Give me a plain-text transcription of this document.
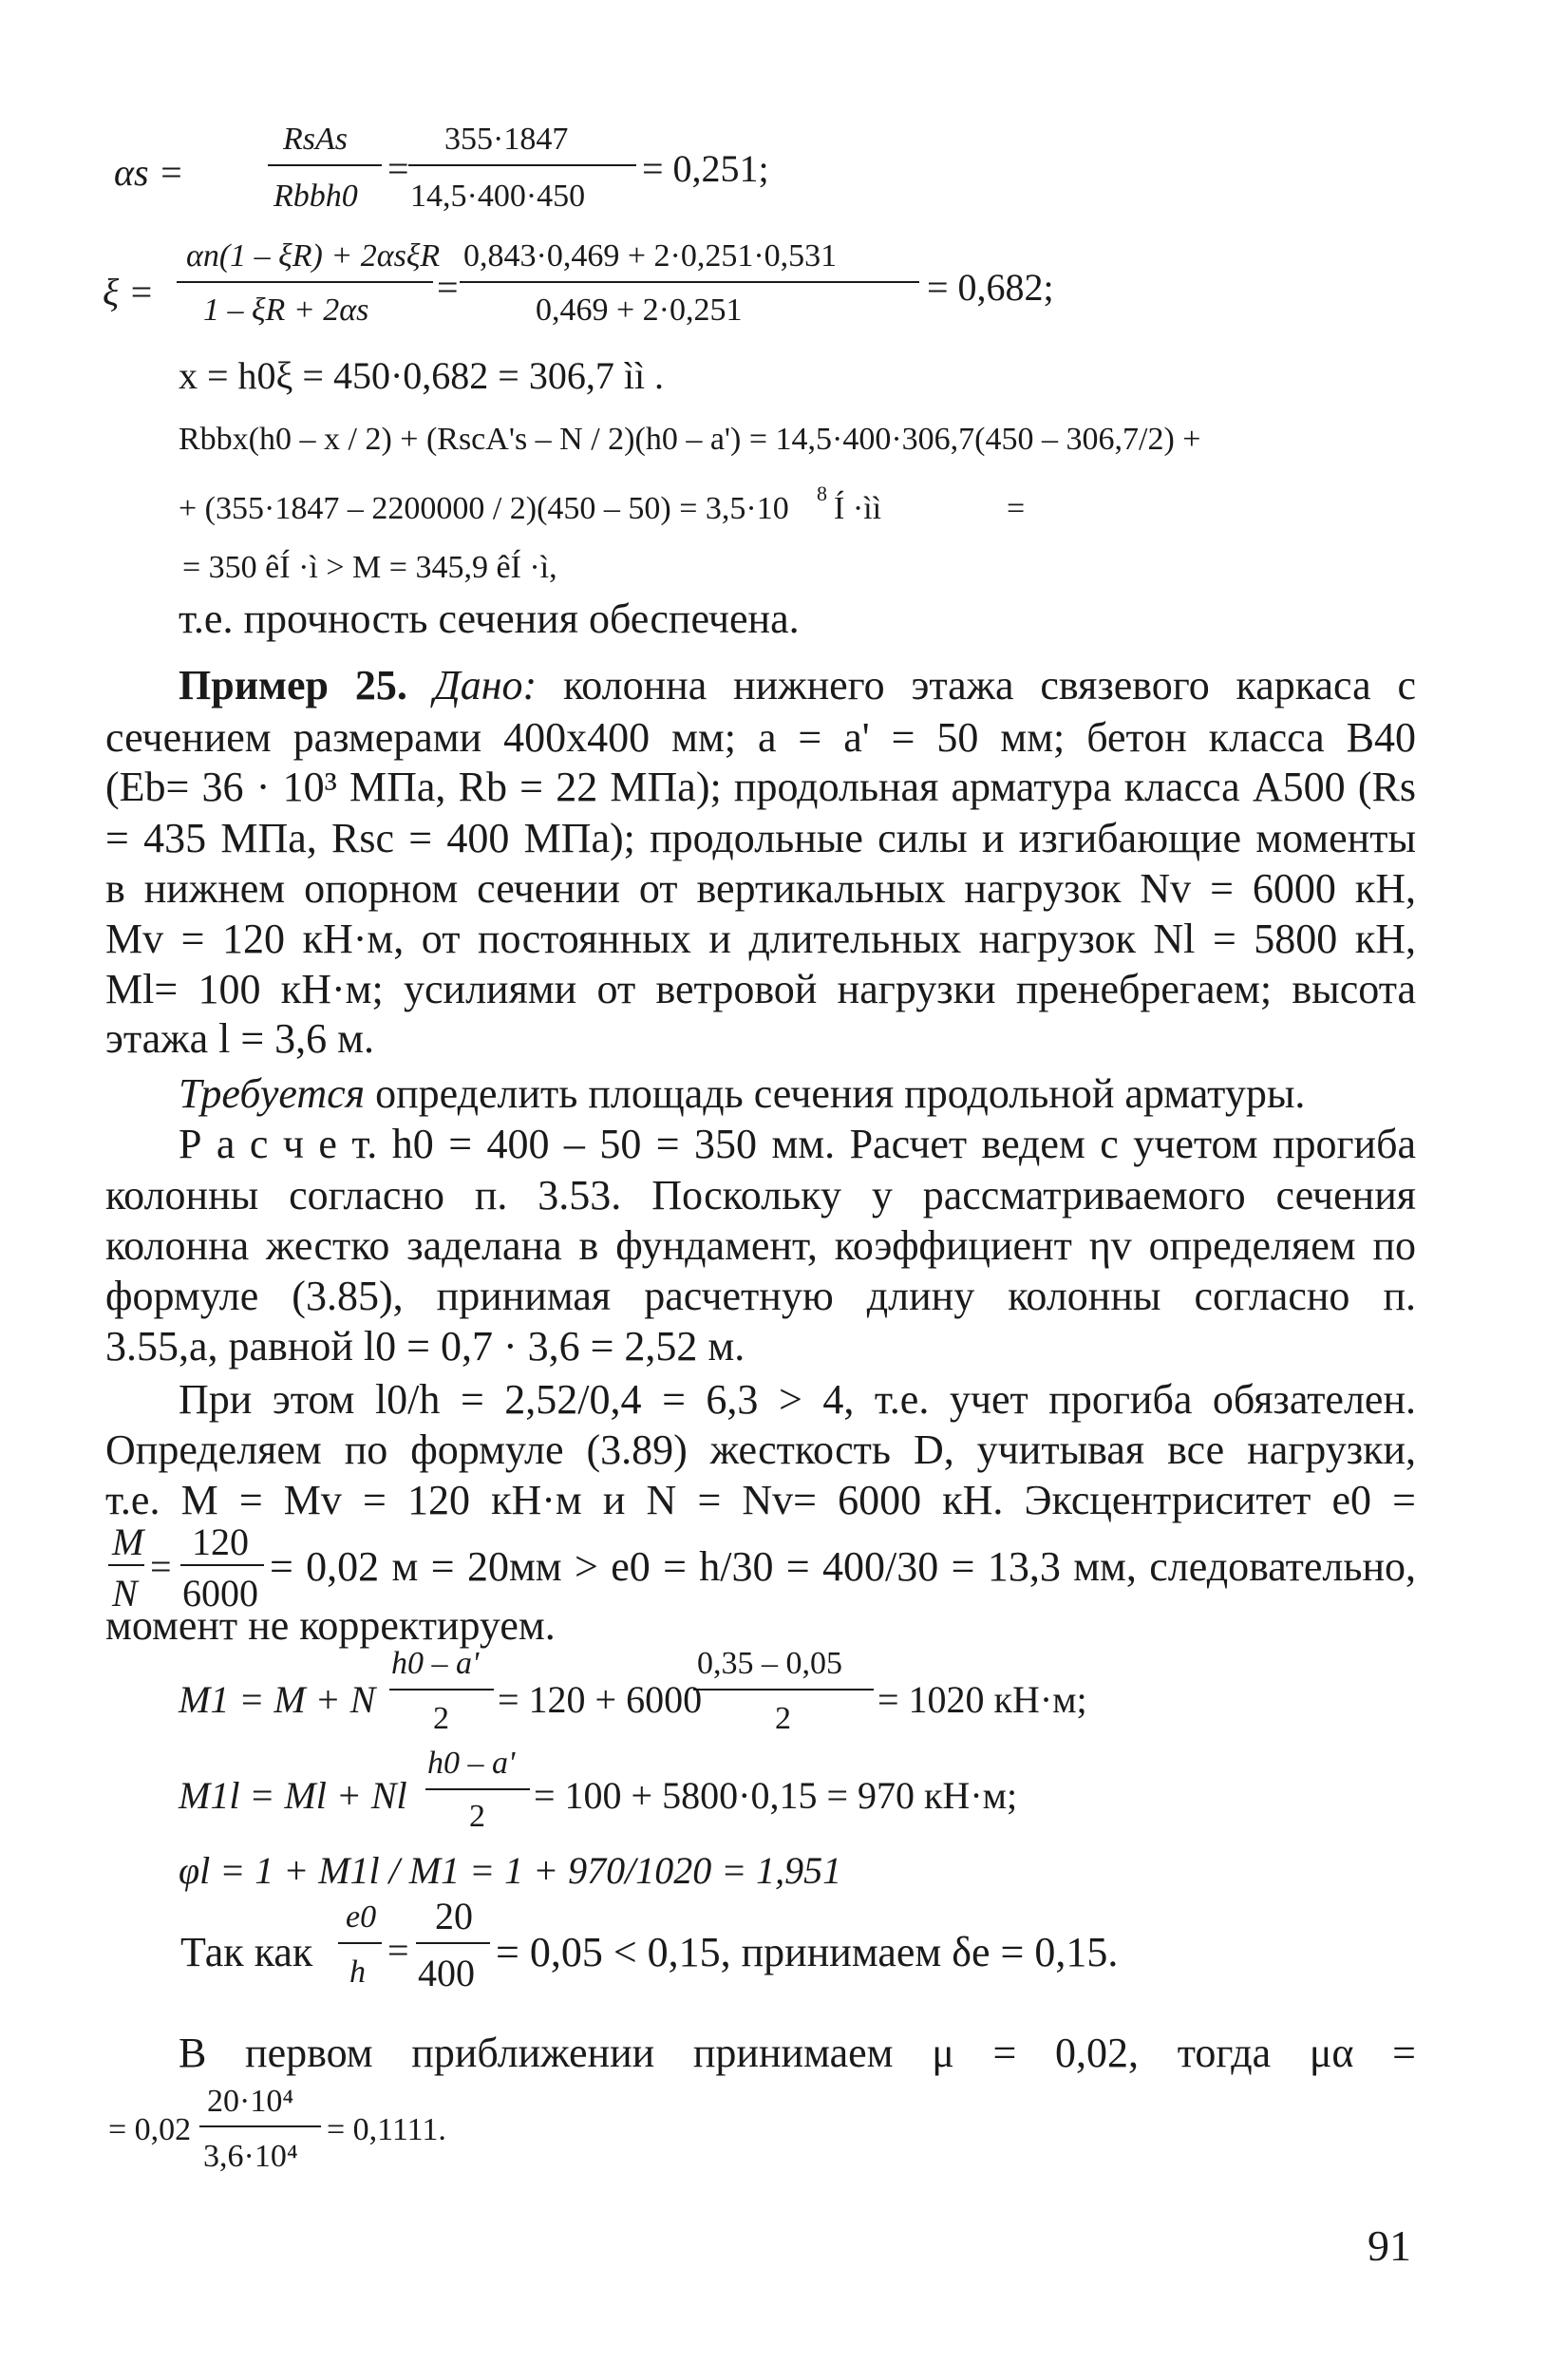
αs =
RsAs
Rbbh0
=
355·1847
14,5·400·450
= 0,251;
ξ =
αn(1 – ξR) + 2αsξR
1 – ξR + 2αs
=
0,843·0,469 + 2·0,251·0,531
0,469 + 2·0,251
= 0,682;
x = h0ξ = 450·0,682 = 306,7 ìì .
Rbbx(h0 – x / 2) + (RscA's – N / 2)(h0 – a') = 14,5·400·306,7(450 – 306,7/2) +
+ (355·1847 – 2200000 / 2)(450 – 50) = 3,5·10 8 Í ·ìì	=
= 350 êÍ ·ì > M = 345,9 êÍ ·ì,
т.е. прочность сечения обеспечена.
Пример 25. Дано: колонна нижнего этажа связевого каркаса с
сечением размерами 400х400 мм; a = a' = 50 мм; бетон класса В40
(Eb= 36 · 10³ МПа, Rb = 22 МПа); продольная арматура класса А500 (Rs
= 435 МПа, Rsc = 400 МПа); продольные силы и изгибающие моменты
в нижнем опорном сечении от вертикальных нагрузок Nv = 6000 кН,
Mv = 120 кН·м, от постоянных и длительных нагрузок Nl = 5800 кН,
Ml= 100 кН·м; усилиями от ветровой нагрузки пренебрегаем; высота
этажа l = 3,6 м.
Требуется определить площадь сечения продольной арматуры.
Р а с ч е т. h0 = 400 – 50 = 350 мм. Расчет ведем с учетом прогиба
колонны согласно п. 3.53. Поскольку у рассматриваемого сечения
колонна жестко заделана в фундамент, коэффициент ηv определяем по
формуле (3.85), принимая расчетную длину колонны согласно п.
3.55,а, равной l0 = 0,7 · 3,6 = 2,52 м.
При этом l0/h = 2,52/0,4 = 6,3 > 4, т.е. учет прогиба обязателен.
Определяем по формуле (3.89) жесткость D, учитывая все нагрузки,
т.е. M = Mv = 120 кН·м и N = Nv= 6000 кН. Эксцентриситет e0 =
M
N
=
120
6000
= 0,02 м = 20мм > e0 = h/30 = 400/30 = 13,3 мм, следовательно,
момент не корректируем.
M1 = M + N
h0 – a'
2 = 120 + 6000
0,35 – 0,05
2 = 1020 кН·м;
M1l = Ml + Nl
h0 – a'
2 = 100 + 5800·0,15 = 970 кН·м;
φl = 1 + M1l / M1 = 1 + 970/1020 = 1,951
Так как
e0
h
=
20
400 = 0,05 < 0,15, принимаем δe = 0,15.
В первом приближении принимаем μ = 0,02, тогда μα =
= 0,02
20·10⁴
3,6·10⁴
= 0,1111.
91
